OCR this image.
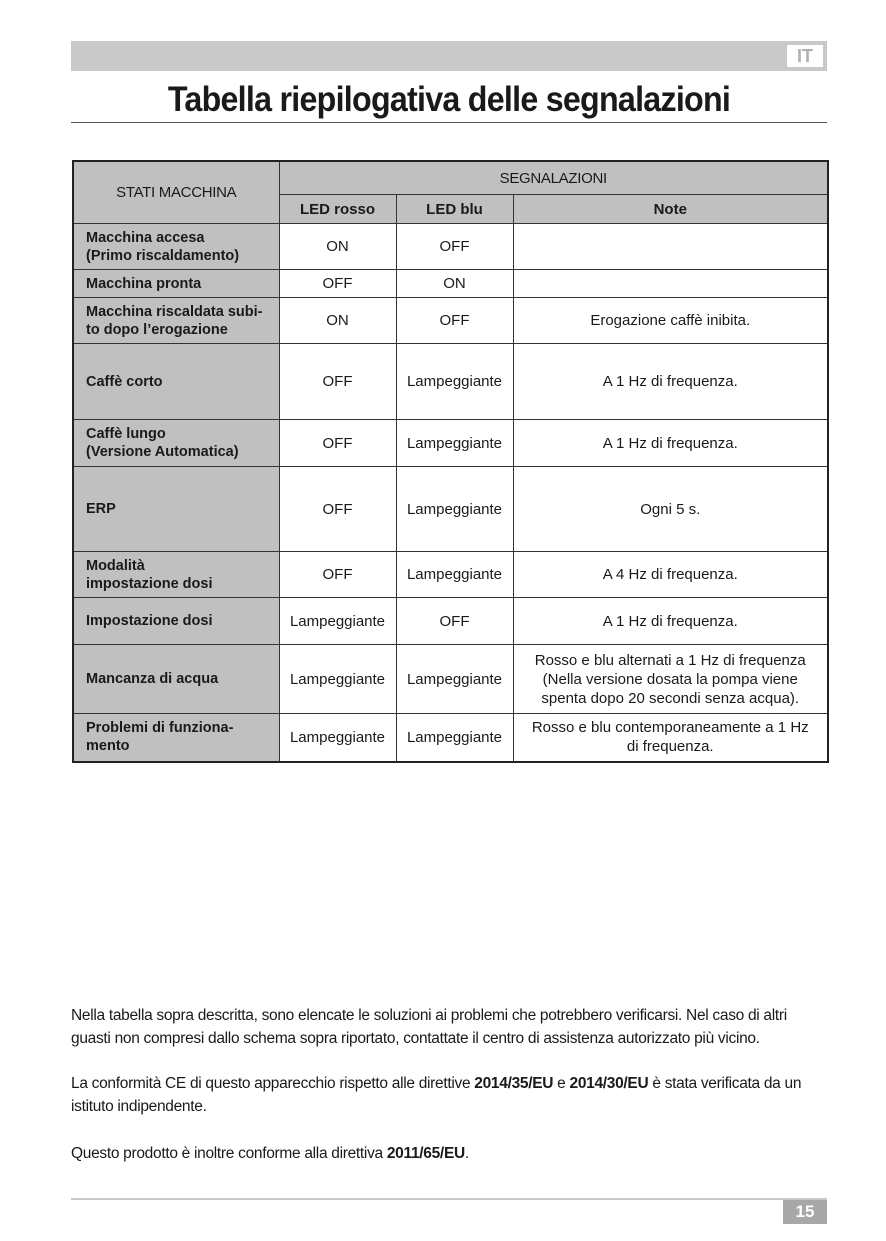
IT
Tabella riepilogativa delle segnalazioni
STATI MACCHINA	SEGNALAZIONI		
	LED rosso	LED blu	Note
Macchina accesa
(Primo riscaldamento)	ON	OFF	
Macchina pronta	OFF	ON	
Macchina riscaldata subi-
to dopo l’erogazione	ON	OFF	Erogazione caffè inibita.
Caffè corto	OFF	Lampeggiante	A 1 Hz di frequenza.
Caffè lungo
(Versione Automatica)	OFF	Lampeggiante	A 1 Hz di frequenza.
ERP	OFF	Lampeggiante	Ogni 5 s.
Modalità
impostazione dosi	OFF	Lampeggiante	A 4 Hz di frequenza.
Impostazione dosi	Lampeggiante	OFF	A 1 Hz di frequenza.
Mancanza di acqua	Lampeggiante	Lampeggiante	Rosso e blu alternati a 1 Hz di frequenza
(Nella versione dosata la pompa viene
spenta dopo 20 secondi senza acqua).
Problemi di funziona-
mento	Lampeggiante	Lampeggiante	Rosso e blu contemporaneamente a 1 Hz
di frequenza.

Nella tabella sopra descritta, sono elencate le soluzioni ai problemi che potrebbero verificarsi. Nel caso di altri guasti non compresi dallo schema sopra riportato, contattate il centro di assistenza autorizzato più vicino.

La conformità CE di questo apparecchio rispetto alle direttive 2014/35/EU e 2014/30/EU è stata verificata da un istituto indipendente.

Questo prodotto è inoltre conforme alla direttiva 2011/65/EU.

15
